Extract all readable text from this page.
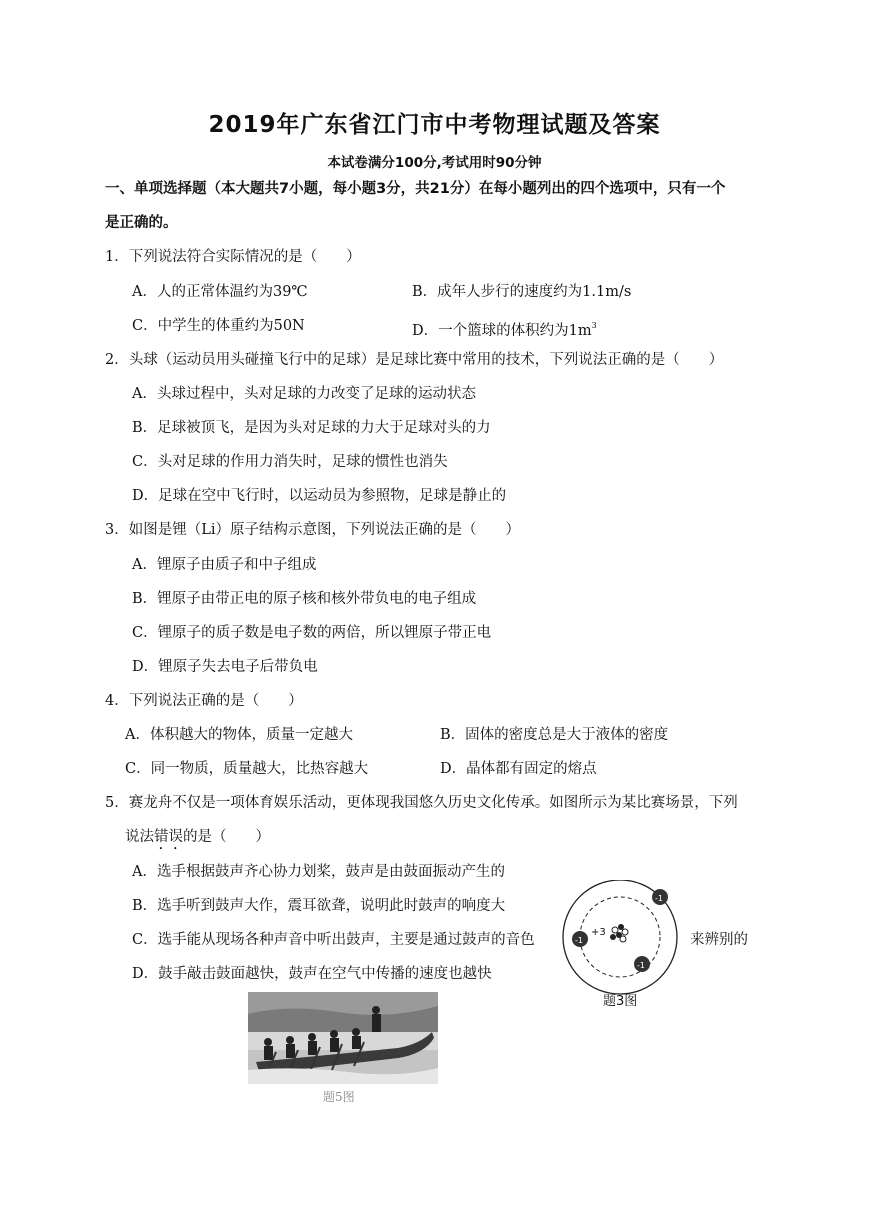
2019年广东省江门市中考物理试题及答案
本试卷满分100分,考试用时90分钟
一、单项选择题（本大题共7小题，每小题3分，共21分）在每小题列出的四个选项中，只有一个
是正确的。
1．下列说法符合实际情况的是（　　）
A．人的正常体温约为39℃	B．成年人步行的速度约为1.1m/s
C．中学生的体重约为50N	D．一个篮球的体积约为$1m^3$
2．头球（运动员用头碰撞飞行中的足球）是足球比赛中常用的技术，下列说法正确的是（　　）
A．头球过程中，头对足球的力改变了足球的运动状态
B．足球被顶飞，是因为头对足球的力大于足球对头的力
C．头对足球的作用力消失时，足球的惯性也消失
D．足球在空中飞行时，以运动员为参照物，足球是静止的
3．如图是锂（Li）原子结构示意图，下列说法正确的是（　　）
A．锂原子由质子和中子组成
B．锂原子由带正电的原子核和核外带负电的电子组成
C．锂原子的质子数是电子数的两倍，所以锂原子带正电
D．锂原子失去电子后带负电
4．下列说法正确的是（　　）
A．体积越大的物体，质量一定越大	B．固体的密度总是大于液体的密度
C．同一物质，质量越大，比热容越大	D．晶体都有固定的熔点
5．赛龙舟不仅是一项体育娱乐活动，更体现我国悠久历史文化传承。如图所示为某比赛场景，下列
说法错误的是（　　）
A．选手根据鼓声齐心协力划桨，鼓声是由鼓面振动产生的
B．选手听到鼓声大作，震耳欲聋，说明此时鼓声的响度大
C．选手能从现场各种声音中听出鼓声，主要是通过鼓声的音色	来辨别的
D．鼓手敲击鼓面越快，鼓声在空气中传播的速度也越快
+3
-1
-1
-1
题3图
题5图
